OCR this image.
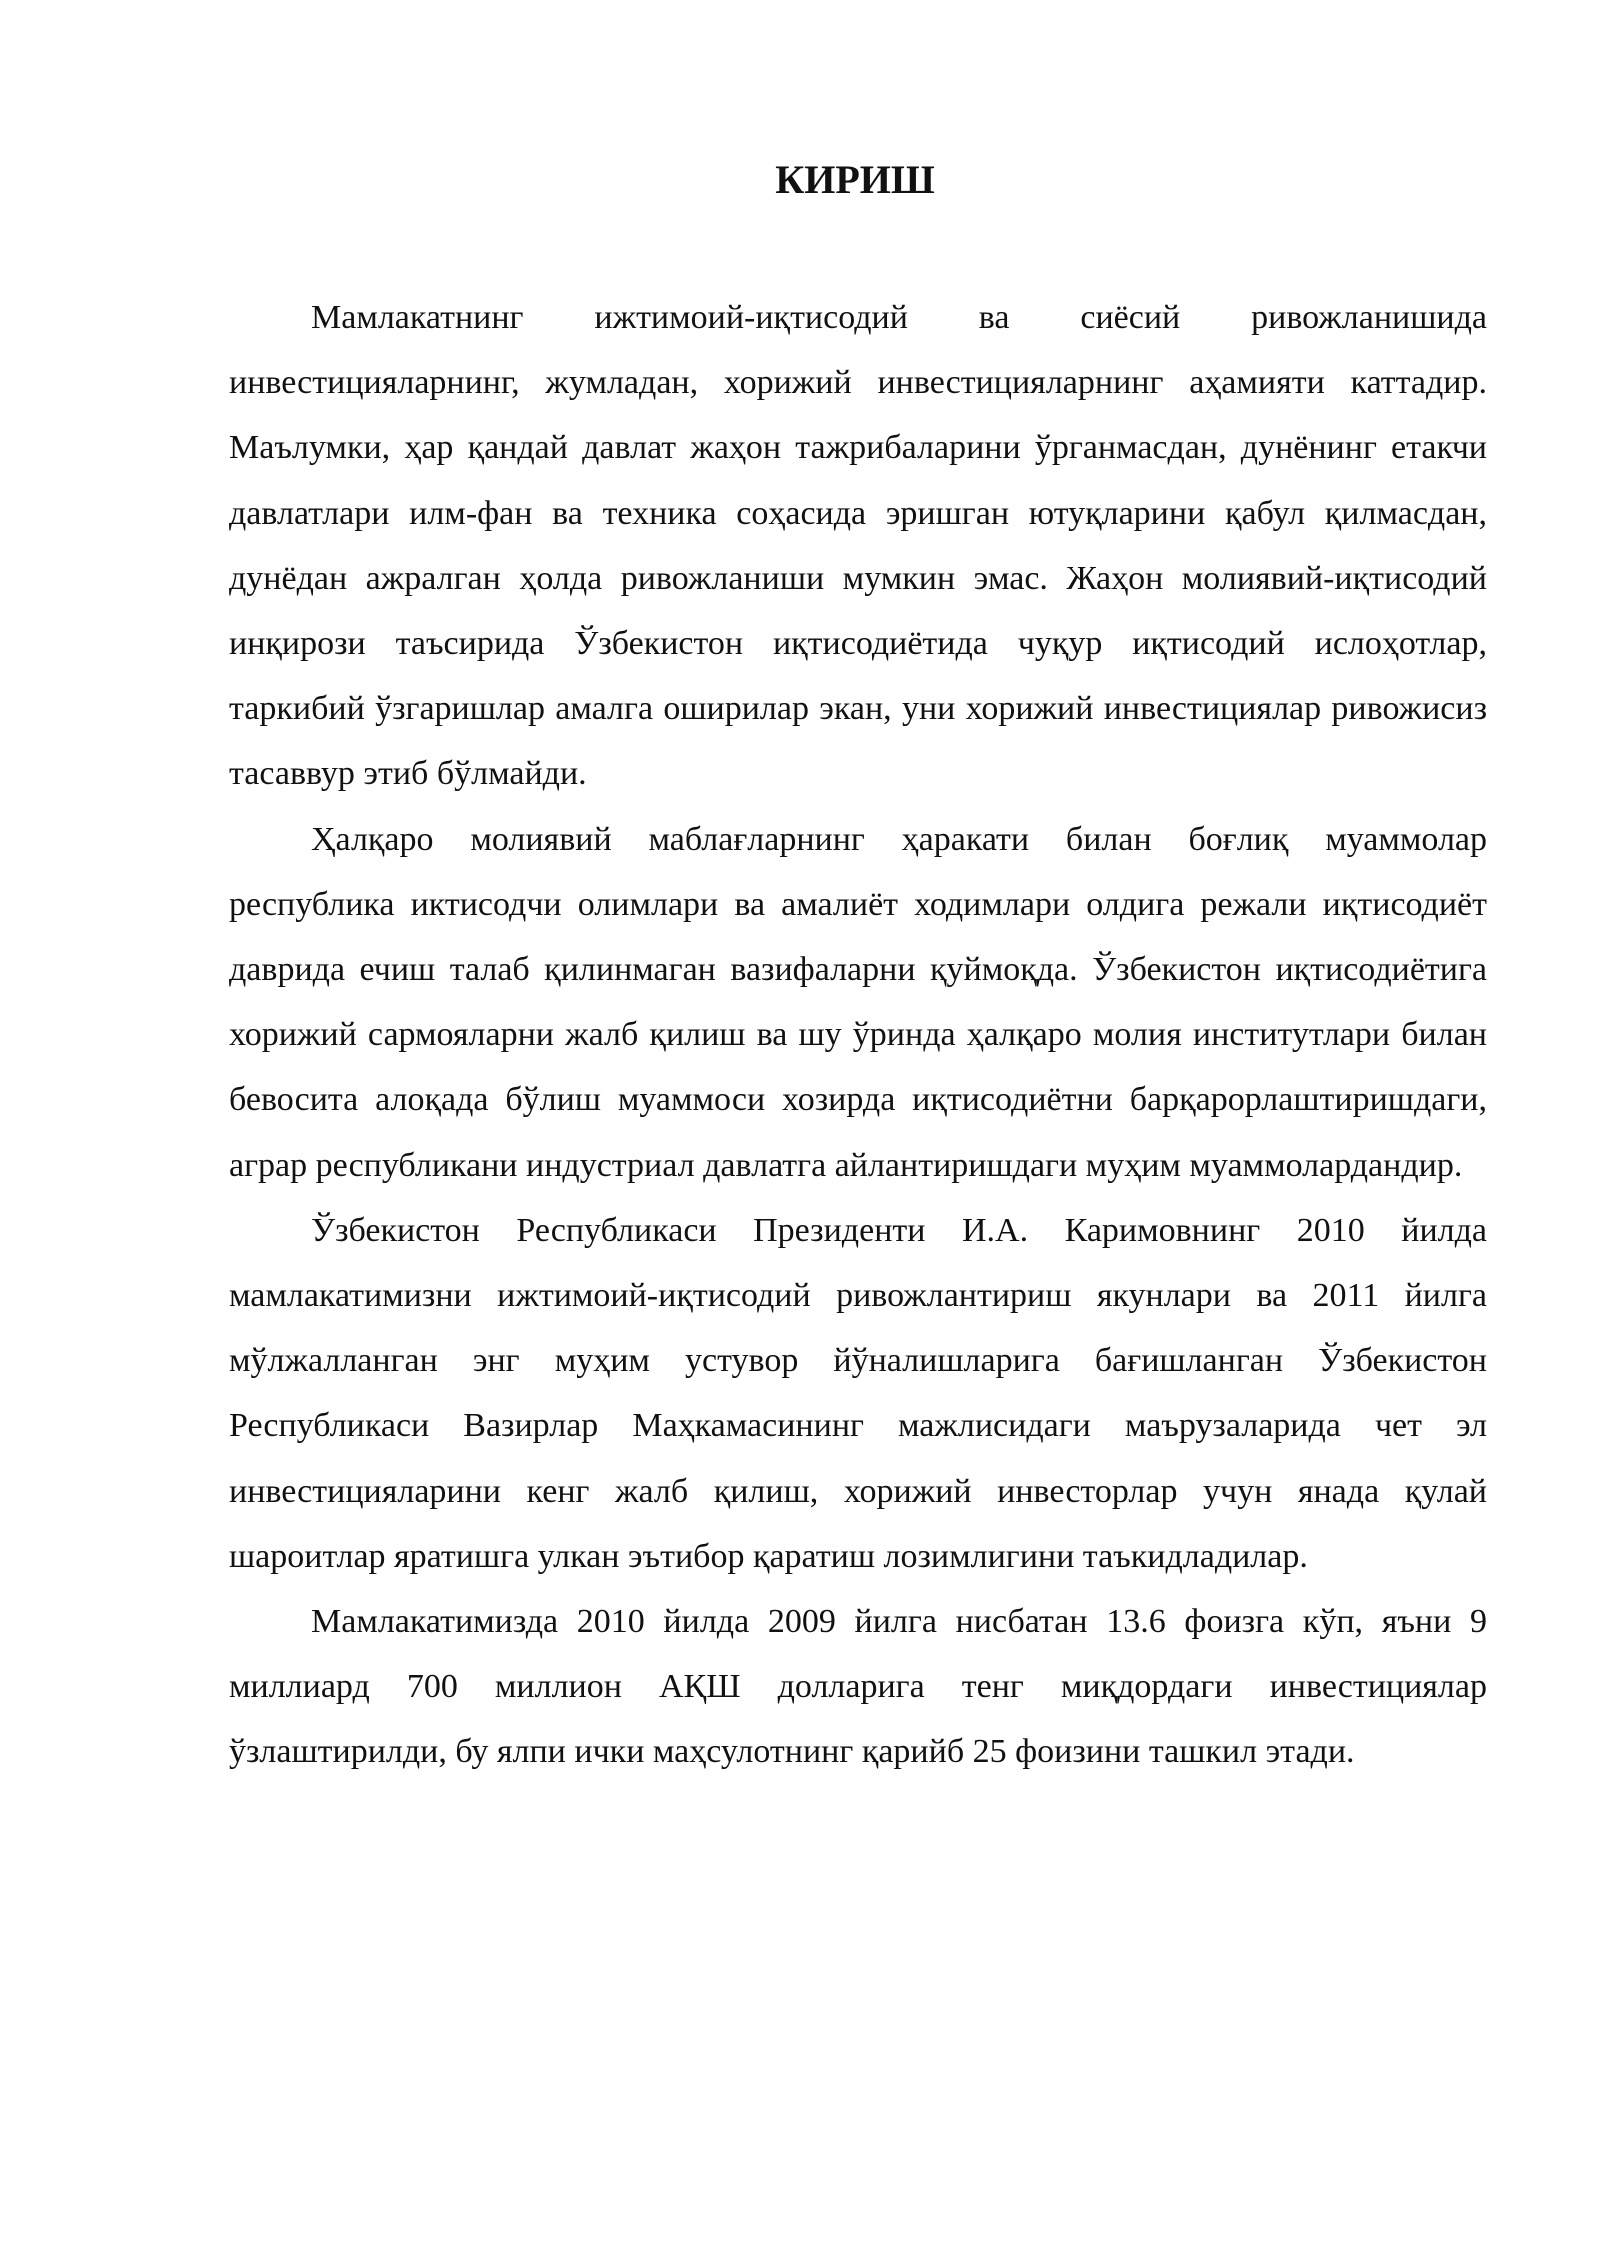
КИРИШ

Мамлакатнинг ижтимоий-иқтисодий ва сиёсий ривожланишида инвестицияларнинг, жумладан, хорижий инвестицияларнинг аҳамияти каттадир. Маълумки, ҳар қандай давлат жаҳон тажрибаларини ўрганмасдан, дунёнинг етакчи давлатлари илм-фан ва техника соҳасида эришган ютуқларини қабул қилмасдан, дунёдан ажралган ҳолда ривожланиши мумкин эмас. Жаҳон молиявий-иқтисодий инқирози таъсирида Ўзбекистон иқтисодиётида чуқур иқтисодий ислоҳотлар, таркибий ўзгаришлар амалга оширилар экан, уни хорижий инвестициялар ривожисиз тасаввур этиб бўлмайди.

Ҳалқаро молиявий маблағларнинг ҳаракати билан боғлиқ муаммолар республика иктисодчи олимлари ва амалиёт ходимлари олдига режали иқтисодиёт даврида ечиш талаб қилинмаган вазифаларни қуймоқда. Ўзбекистон иқтисодиётига хорижий сармояларни жалб қилиш ва шу ўринда ҳалқаро молия институтлари билан бевосита алоқада бўлиш муаммоси хозирда иқтисодиётни барқарорлаштиришдаги, аграр республикани индустриал давлатга айлантиришдаги муҳим муаммолардандир.

Ўзбекистон Республикаси Президенти И.А. Каримовнинг 2010 йилда мамлакатимизни ижтимоий-иқтисодий ривожлантириш якунлари ва 2011 йилга мўлжалланган энг муҳим устувор йўналишларига бағишланган Ўзбекистон Республикаси Вазирлар Маҳкамасининг мажлисидаги маърузаларида чет эл инвестицияларини кенг жалб қилиш, хорижий инвесторлар учун янада қулай шароитлар яратишга улкан эътибор қаратиш лозимлигини таъкидладилар.

Мамлакатимизда 2010 йилда 2009 йилга нисбатан 13.6 фоизга кўп, яъни 9 миллиард 700 миллион АҚШ долларига тенг миқдордаги инвестициялар ўзлаштирилди, бу ялпи ички маҳсулотнинг қарийб 25 фоизини ташкил этади.
